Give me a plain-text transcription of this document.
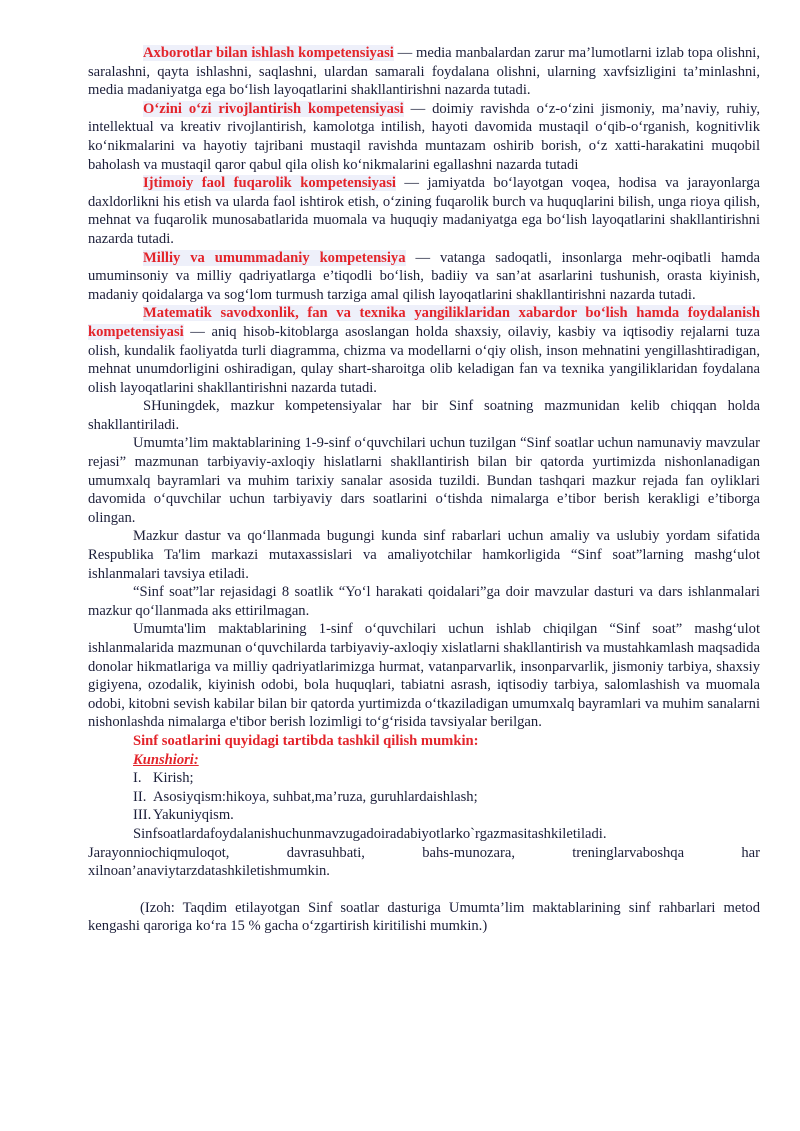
Axborotlar bilan ishlash kompetensiyasi — media manbalardan zarur ma’lumotlarni izlab topa olishni, saralashni, qayta ishlashni, saqlashni, ulardan samarali foydalana olishni, ularning xavfsizligini ta’minlashni, media madaniyatga ega bo‘lish layoqatlarini shakllantirishni nazarda tutadi.

O‘zini o‘zi rivojlantirish kompetensiyasi — doimiy ravishda o‘z-o‘zini jismoniy, ma’naviy, ruhiy, intellektual va kreativ rivojlantirish, kamolotga intilish, hayoti davomida mustaqil o‘qib-o‘rganish, kognitivlik ko‘nikmalarini va hayotiy tajribani mustaqil ravishda muntazam oshirib borish, o‘z xatti-harakatini muqobil baholash va mustaqil qaror qabul qila olish ko‘nikmalarini egallashni nazarda tutadi

Ijtimoiy faol fuqarolik kompetensiyasi — jamiyatda bo‘layotgan voqea, hodisa va jarayonlarga daxldorlikni his etish va ularda faol ishtirok etish, o‘zining fuqarolik burch va huquqlarini bilish, unga rioya qilish, mehnat va fuqarolik munosabatlarida muomala va huquqiy madaniyatga ega bo‘lish layoqatlarini shakllantirishni nazarda tutadi.

Milliy va umummadaniy kompetensiya — vatanga sadoqatli, insonlarga mehr-oqibatli hamda umuminsoniy va milliy qadriyatlarga e’tiqodli bo‘lish, badiiy va san’at asarlarini tushunish, orasta kiyinish, madaniy qoidalarga va sog‘lom turmush tarziga amal qilish layoqatlarini shakllantirishni nazarda tutadi.

Matematik savodxonlik, fan va texnika yangiliklaridan xabardor bo‘lish hamda foydalanish kompetensiyasi — aniq hisob-kitoblarga asoslangan holda shaxsiy, oilaviy, kasbiy va iqtisodiy rejalarni tuza olish, kundalik faoliyatda turli diagramma, chizma va modellarni o‘qiy olish, inson mehnatini yengillashtiradigan, mehnat unumdorligini oshiradigan, qulay shart-sharoitga olib keladigan fan va texnika yangiliklaridan foydalana olish layoqatlarini shakllantirishni nazarda tutadi.

SHuningdek, mazkur kompetensiyalar har bir Sinf soatning mazmunidan kelib chiqqan holda shakllantiriladi.

Umumta’lim maktablarining 1-9-sinf o‘quvchilari uchun tuzilgan “Sinf soatlar uchun namunaviy mavzular rejasi” mazmunan tarbiyaviy-axloqiy hislatlarni shakllantirish bilan bir qatorda yurtimizda nishonlanadigan umumxalq bayramlari va muhim tarixiy sanalar asosida tuzildi. Bundan tashqari mazkur rejada fan oyliklari davomida o‘quvchilar uchun tarbiyaviy dars soatlarini o‘tishda nimalarga e’tibor berish kerakligi e’tiborga olingan.

Mazkur dastur va qo‘llanmada bugungi kunda sinf rabarlari uchun amaliy va uslubiy yordam sifatida Respublika Ta'lim markazi mutaxassislari va amaliyotchilar hamkorligida “Sinf soat”larning mashg‘ulot ishlanmalari tavsiya etiladi.

“Sinf soat”lar rejasidagi 8 soatlik “Yo‘l harakati qoidalari”ga doir mavzular dasturi va dars ishlanmalari mazkur qo‘llanmada aks ettirilmagan.

Umumta'lim maktablarining 1-sinf o‘quvchilari uchun ishlab chiqilgan “Sinf soat” mashg‘ulot ishlanmalarida mazmunan o‘quvchilarda tarbiyaviy-axloqiy xislatlarni shakllantirish va mustahkamlash maqsadida donolar hikmatlariga va milliy qadriyatlarimizga hurmat, vatanparvarlik, insonparvarlik, jismoniy tarbiya, shaxsiy gigiyena, ozodalik, kiyinish odobi, bola huquqlari, tabiatni asrash, iqtisodiy tarbiya, salomlashish va muomala odobi, kitobni sevish kabilar bilan bir qatorda yurtimizda o‘tkaziladigan umumxalq bayramlari va muhim sanalarni nishonlashda nimalarga e'tibor berish lozimligi to‘g‘risida tavsiyalar berilgan.

Sinf soatlarini quyidagi tartibda tashkil qilish mumkin:

Kunshiori:

I. Kirish;
II. Asosiyqism:hikoya, suhbat,ma’ruza, guruhlardaishlash;
III. Yakuniyqism.

Sinfsoatlardafoydalanishuchunmavzugadoiradabiyotlarko`rgazmasitashkiletiladi.

Jarayonniochiqmuloqot,	davrasuhbati,	bahs-munozara,	treninglarvaboshqa	har

xilnoan’anaviytarzdatashkiletishmumkin.

(Izoh: Taqdim etilayotgan Sinf soatlar dasturiga Umumta’lim maktablarining sinf rahbarlari metod kengashi qaroriga ko‘ra 15 % gacha o‘zgartirish kiritilishi mumkin.)
